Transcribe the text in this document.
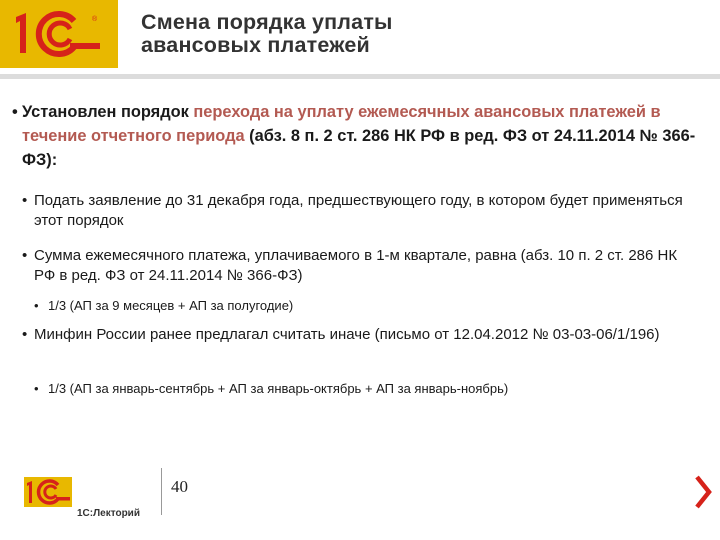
® Смена порядка уплаты
авансовых платежей
• Установлен порядок перехода на уплату ежемесячных авансовых платежей в течение отчетного периода (абз. 8 п. 2 ст. 286 НК РФ в ред. ФЗ от 24.11.2014 № 366-ФЗ):
• Подать заявление до 31 декабря года, предшествующего году, в котором будет применяться этот порядок
• Сумма ежемесячного платежа, уплачиваемого в 1-м квартале, равна (абз. 10 п. 2 ст. 286 НК РФ в ред. ФЗ от 24.11.2014 № 366-ФЗ)
• 1/3 (АП за 9 месяцев + АП за полугодие)
• Минфин России ранее предлагал считать иначе (письмо от 12.04.2012 № 03-03-06/1/196)
• 1/3 (АП за январь-сентябрь + АП за январь-октябрь + АП за январь-ноябрь)
1С:Лекторий
40
